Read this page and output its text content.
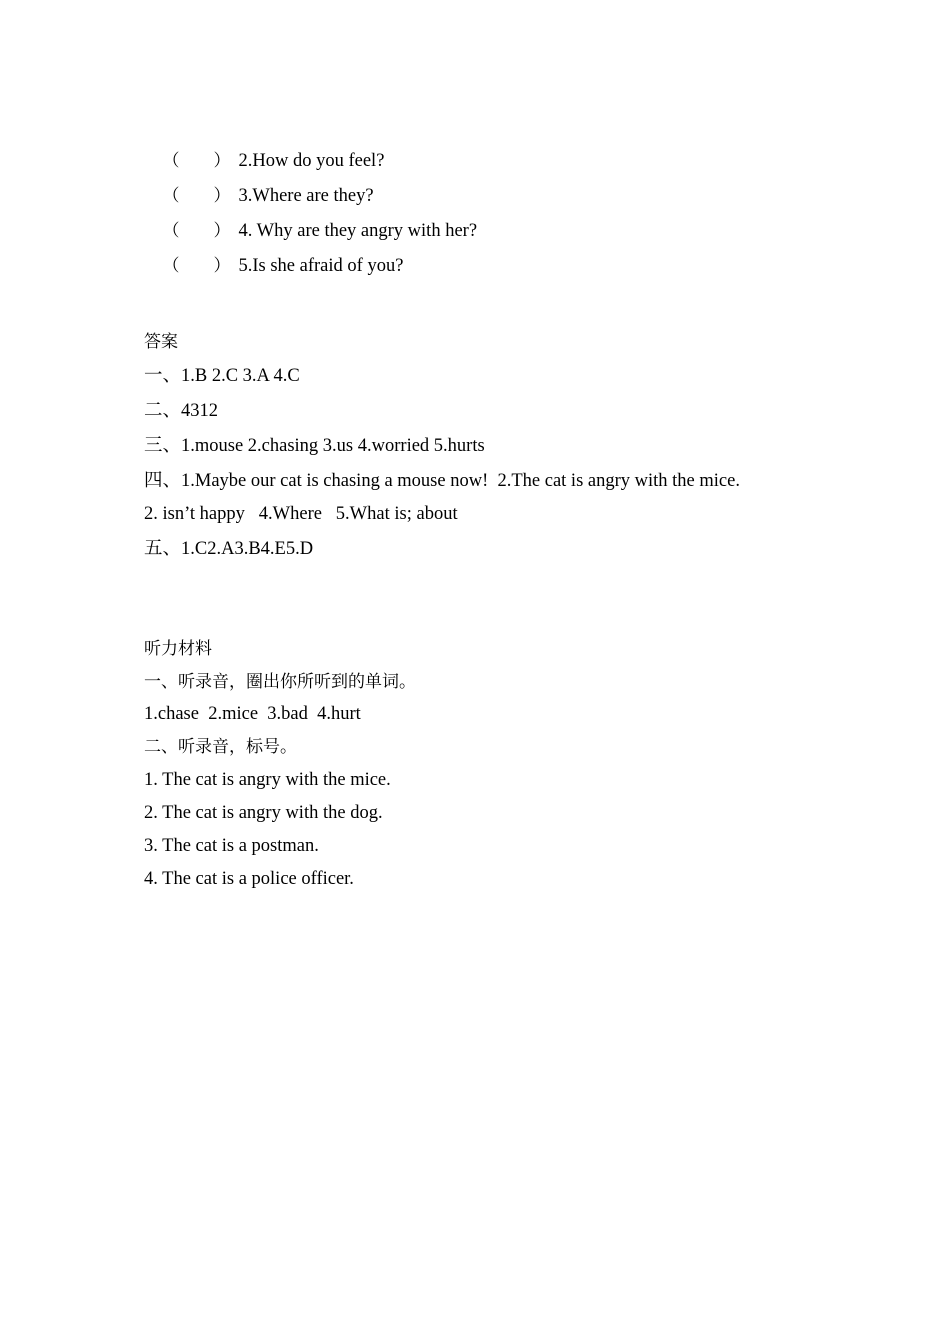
（　　） 2.How do you feel?

（　　） 3.Where are they?

（　　） 4. Why are they angry with her?

（　　） 5.Is she afraid of you?

答案
一、1.B 2.C 3.A 4.C
二、4312
三、1.mouse 2.chasing 3.us 4.worried 5.hurts
四、1.Maybe our cat is chasing a mouse now!  2.The cat is angry with the mice.
2. isn’t happy   4.Where   5.What is; about
五、1.C2.A3.B4.E5.D
听力材料
一、听录音，圈出你所听到的单词。
1.chase  2.mice  3.bad  4.hurt
二、听录音，标号。
1. The cat is angry with the mice.
2. The cat is angry with the dog.
3. The cat is a postman.
4. The cat is a police officer.
